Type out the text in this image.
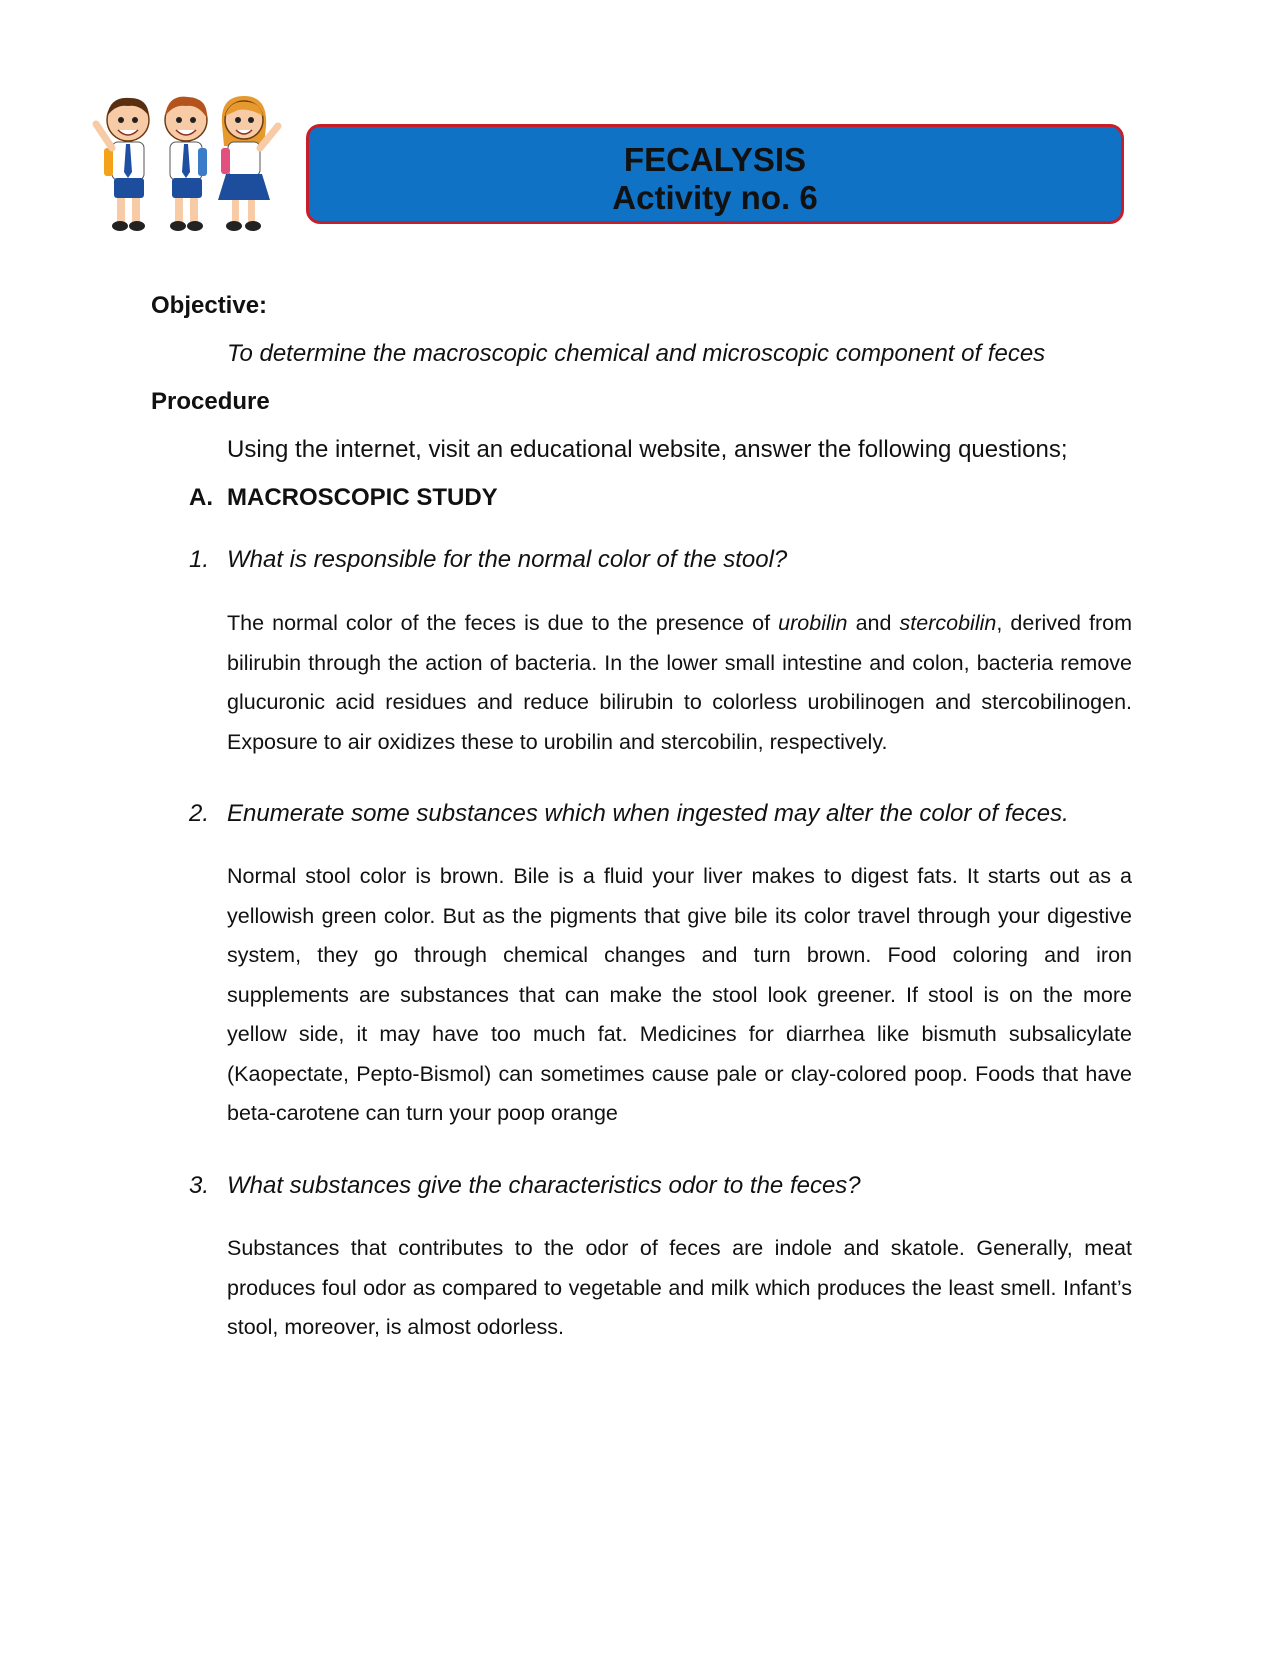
FECALYSIS
Activity no. 6
Objective:
To determine the macroscopic chemical and microscopic component of feces
Procedure
Using the internet, visit an educational website, answer the following questions;
A. MACROSCOPIC STUDY
1. What is responsible for the normal color of the stool?
The normal color of the feces is due to the presence of urobilin and stercobilin, derived from bilirubin through the action of bacteria. In the lower small intestine and colon, bacteria remove glucuronic acid residues and reduce bilirubin to colorless urobilinogen and stercobilinogen. Exposure to air oxidizes these to urobilin and stercobilin, respectively.
2. Enumerate some substances which when ingested may alter the color of feces.
Normal stool color is brown. Bile is a fluid your liver makes to digest fats. It starts out as a yellowish green color. But as the pigments that give bile its color travel through your digestive system, they go through chemical changes and turn brown. Food coloring and iron supplements are substances that can make the stool look greener. If stool is on the more yellow side, it may have too much fat. Medicines for diarrhea like bismuth subsalicylate (Kaopectate, Pepto-Bismol) can sometimes cause pale or clay-colored poop. Foods that have beta-carotene can turn your poop orange
3. What substances give the characteristics odor to the feces?
Substances that contributes to the odor of feces are indole and skatole. Generally, meat produces foul odor as compared to vegetable and milk which produces the least smell. Infant’s stool, moreover, is almost odorless.
